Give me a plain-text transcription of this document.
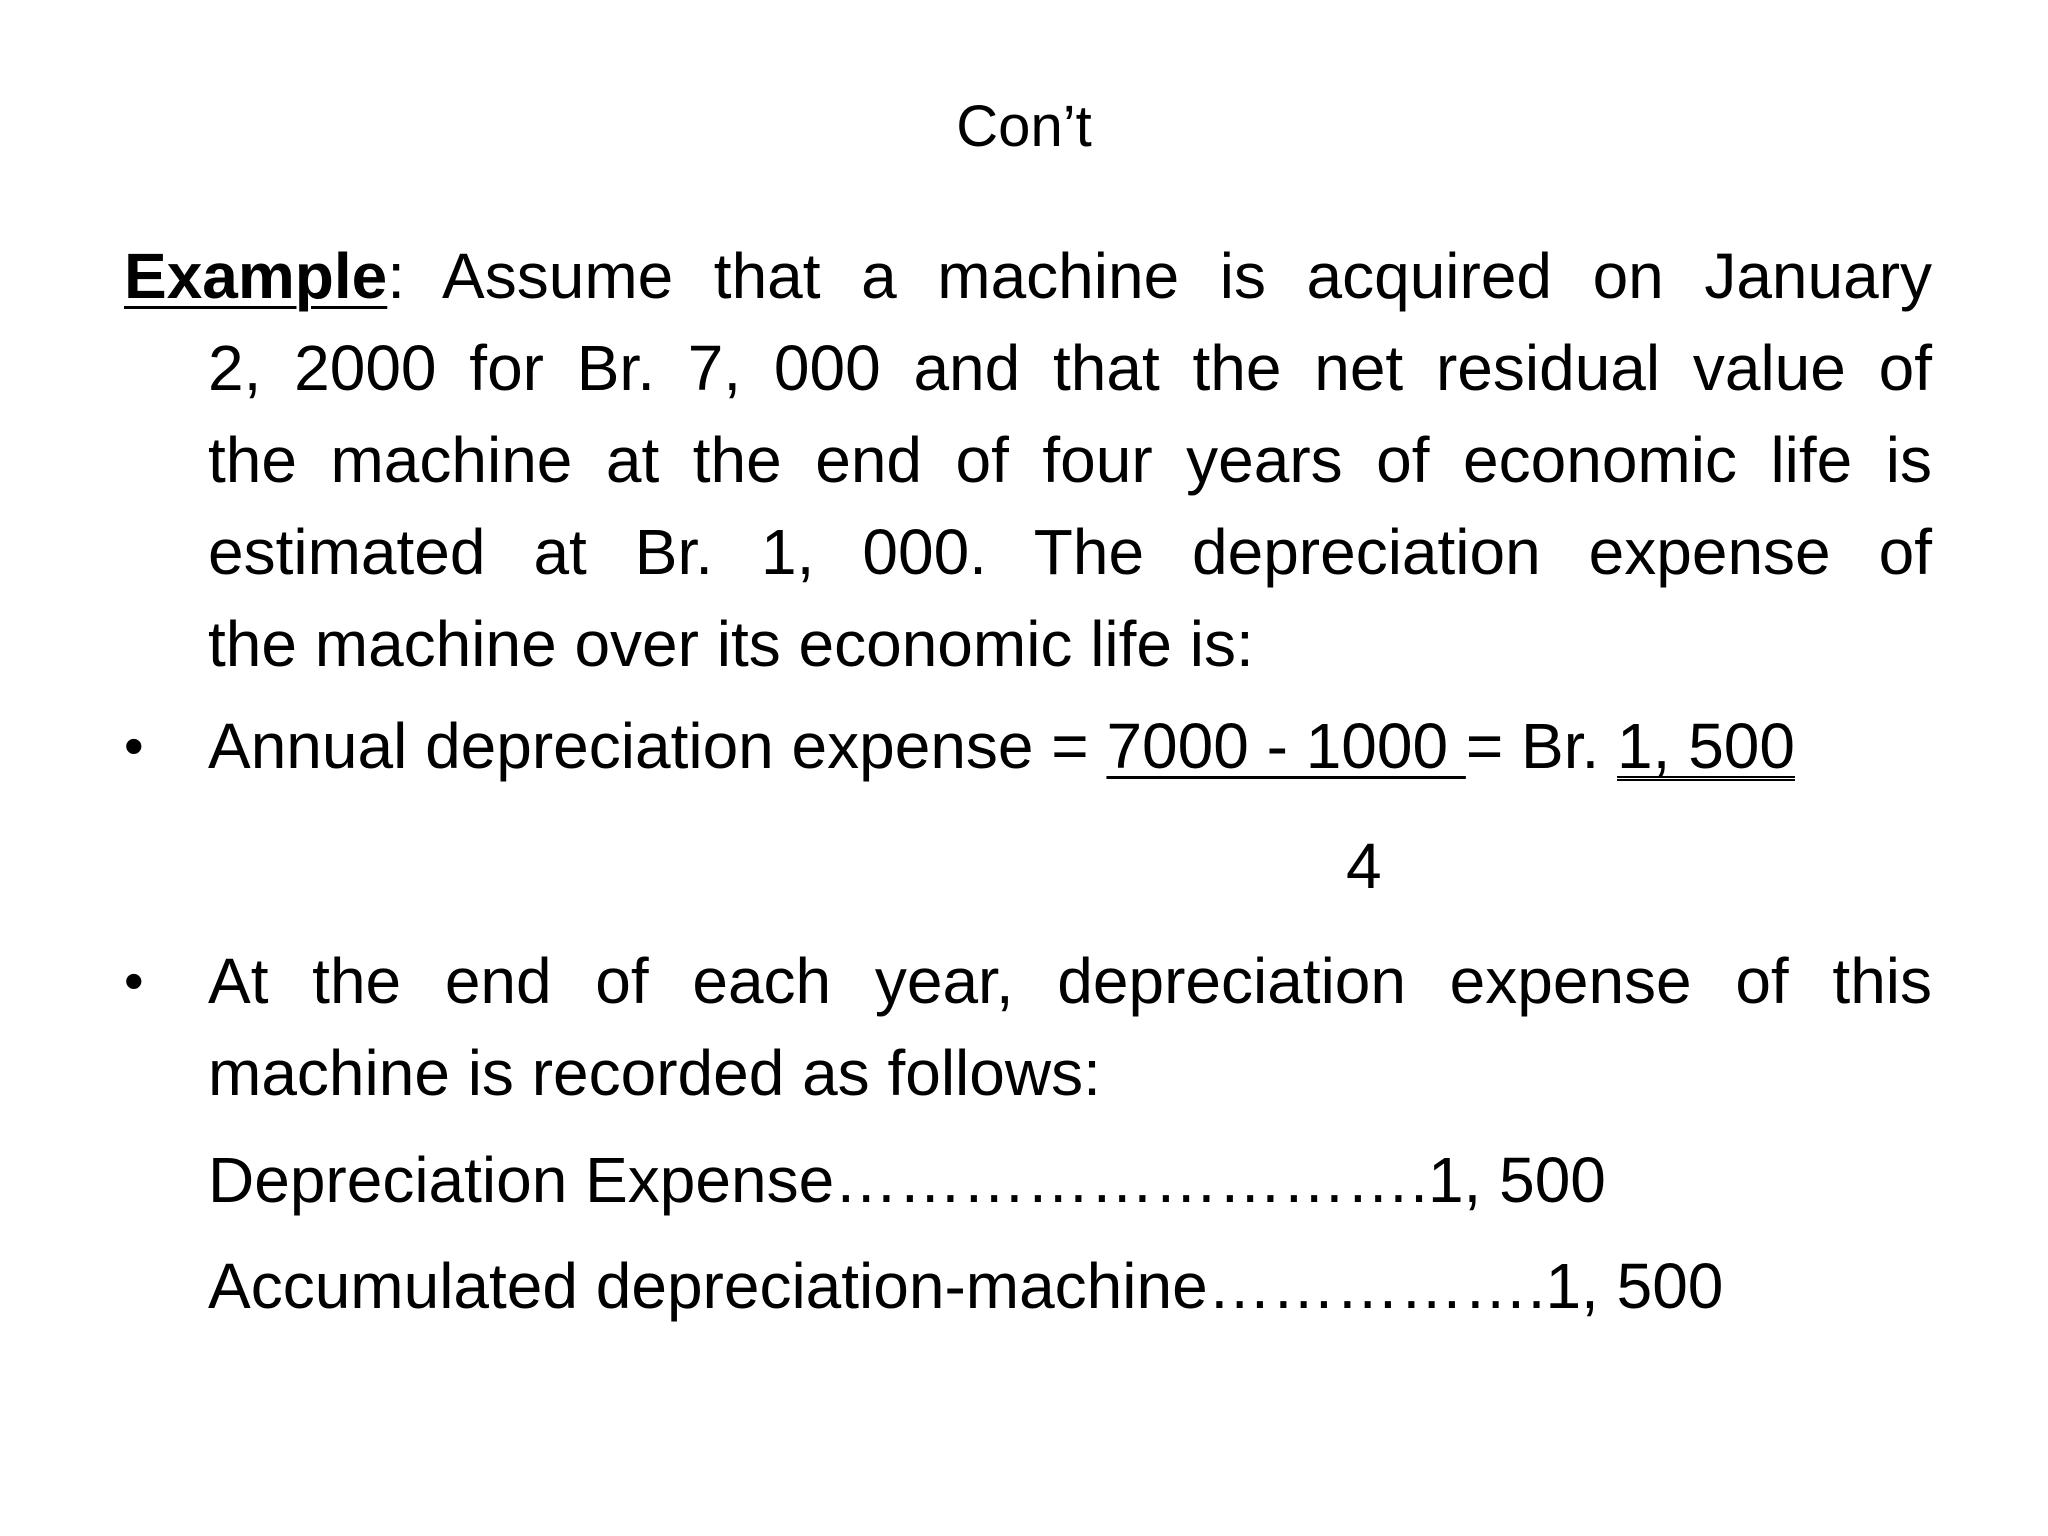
Con’t
Example: Assume that a machine is acquired on January
2, 2000 for Br. 7, 000 and that the net residual value of
the machine at the end of four years of economic life is
estimated at Br. 1, 000. The depreciation expense of
the machine over its economic life is:
• Annual depreciation expense = 7000 - 1000 = Br. 1, 500
4
• At the end of each year, depreciation expense of this
machine is recorded as follows:
Depreciation Expense……………………….1, 500
Accumulated depreciation-machine…………….1, 500
